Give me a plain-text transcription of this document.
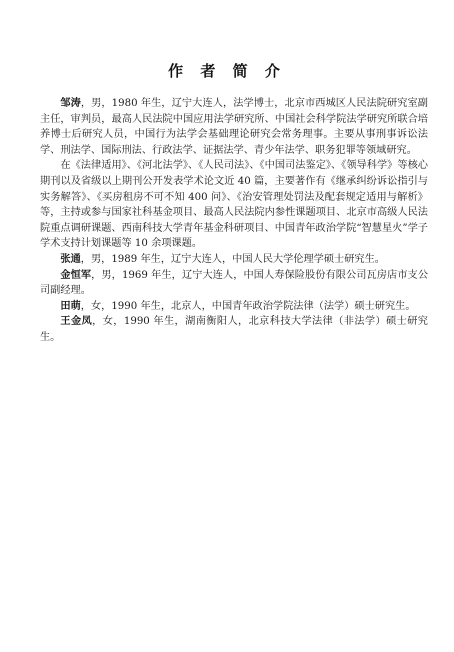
作 者 简 介

邹涛，男，1980 年生，辽宁大连人，法学博士，北京市西城区人民法院研究室副主任，审判员，最高人民法院中国应用法学研究所、中国社会科学院法学研究所联合培养博士后研究人员，中国行为法学会基础理论研究会常务理事。主要从事刑事诉讼法学、刑法学、国际刑法、行政法学、证据法学、青少年法学、职务犯罪等领域研究。

在《法律适用》、《河北法学》、《人民司法》、《中国司法鉴定》、《领导科学》等核心期刊以及省级以上期刊公开发表学术论文近 40 篇，主要著作有《继承纠纷诉讼指引与实务解答》、《买房租房不可不知 400 问》、《治安管理处罚法及配套规定适用与解析》等，主持或参与国家社科基金项目、最高人民法院内参性课题项目、北京市高级人民法院重点调研课题、西南科技大学青年基金科研项目、中国青年政治学院“智慧星火”学子学术支持计划课题等 10 余项课题。

张通，男，1989 年生，辽宁大连人，中国人民大学伦理学硕士研究生。

金恒军，男，1969 年生，辽宁大连人，中国人寿保险股份有限公司瓦房店市支公司副经理。

田萌，女，1990 年生，北京人，中国青年政治学院法律（法学）硕士研究生。

王金凤，女，1990 年生，湖南衡阳人，北京科技大学法律（非法学）硕士研究生。
